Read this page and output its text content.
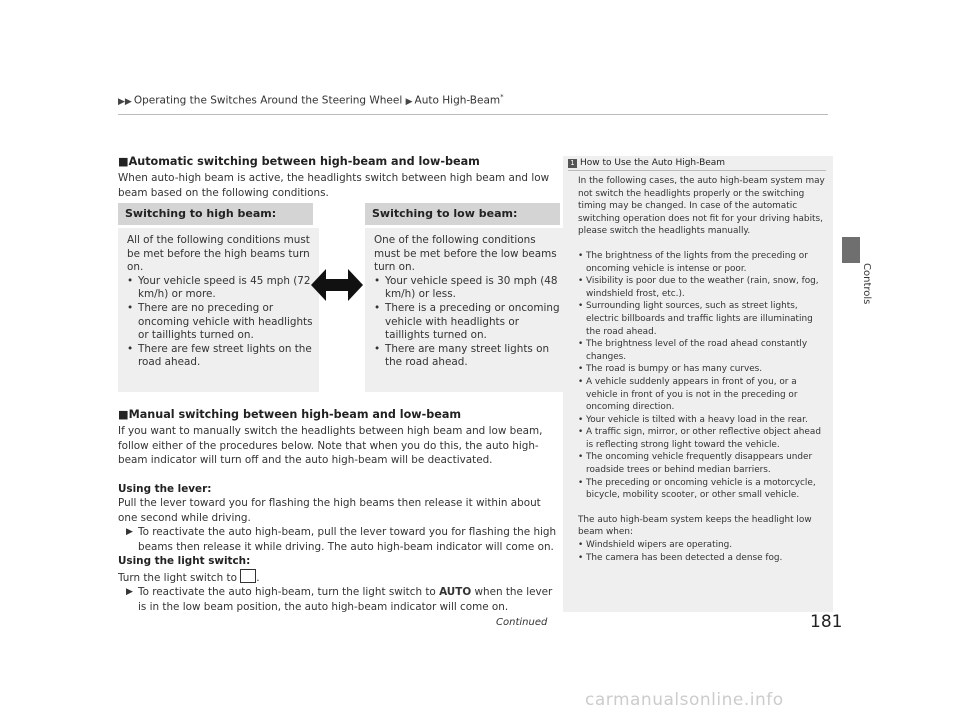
▶▶ Operating the Switches Around the Steering Wheel ▶ Auto High-Beam*
Controls
■Automatic switching between high-beam and low-beam
When auto-high beam is active, the headlights switch between high beam and low beam based on the following conditions.
Switching to high beam:
All of the following conditions must be met before the high beams turn on.
• Your vehicle speed is 45 mph (72 km/h) or more.
• There are no preceding or oncoming vehicle with headlights or taillights turned on.
• There are few street lights on the road ahead.
Switching to low beam:
One of the following conditions must be met before the low beams turn on.
• Your vehicle speed is 30 mph (48 km/h) or less.
• There is a preceding or oncoming vehicle with headlights or taillights turned on.
• There are many street lights on the road ahead.
■Manual switching between high-beam and low-beam
If you want to manually switch the headlights between high beam and low beam, follow either of the procedures below. Note that when you do this, the auto high-beam indicator will turn off and the auto high-beam will be deactivated.
Using the lever:
Pull the lever toward you for flashing the high beams then release it within about one second while driving.
▶ To reactivate the auto high-beam, pull the lever toward you for flashing the high beams then release it while driving. The auto high-beam indicator will come on.
Using the light switch:
Turn the light switch to .
▶ To reactivate the auto high-beam, turn the light switch to AUTO when the lever is in the low beam position, the auto high-beam indicator will come on.
1 How to Use the Auto High-Beam

In the following cases, the auto high-beam system may not switch the headlights properly or the switching timing may be changed. In case of the automatic switching operation does not fit for your driving habits, please switch the headlights manually.

• The brightness of the lights from the preceding or oncoming vehicle is intense or poor.
• Visibility is poor due to the weather (rain, snow, fog, windshield frost, etc.).
• Surrounding light sources, such as street lights, electric billboards and traffic lights are illuminating the road ahead.
• The brightness level of the road ahead constantly changes.
• The road is bumpy or has many curves.
• A vehicle suddenly appears in front of you, or a vehicle in front of you is not in the preceding or oncoming direction.
• Your vehicle is tilted with a heavy load in the rear.
• A traffic sign, mirror, or other reflective object ahead is reflecting strong light toward the vehicle.
• The oncoming vehicle frequently disappears under roadside trees or behind median barriers.
• The preceding or oncoming vehicle is a motorcycle, bicycle, mobility scooter, or other small vehicle.

The auto high-beam system keeps the headlight low beam when:

• Windshield wipers are operating.
• The camera has been detected a dense fog.
Continued	181
carmanualsonline.info
